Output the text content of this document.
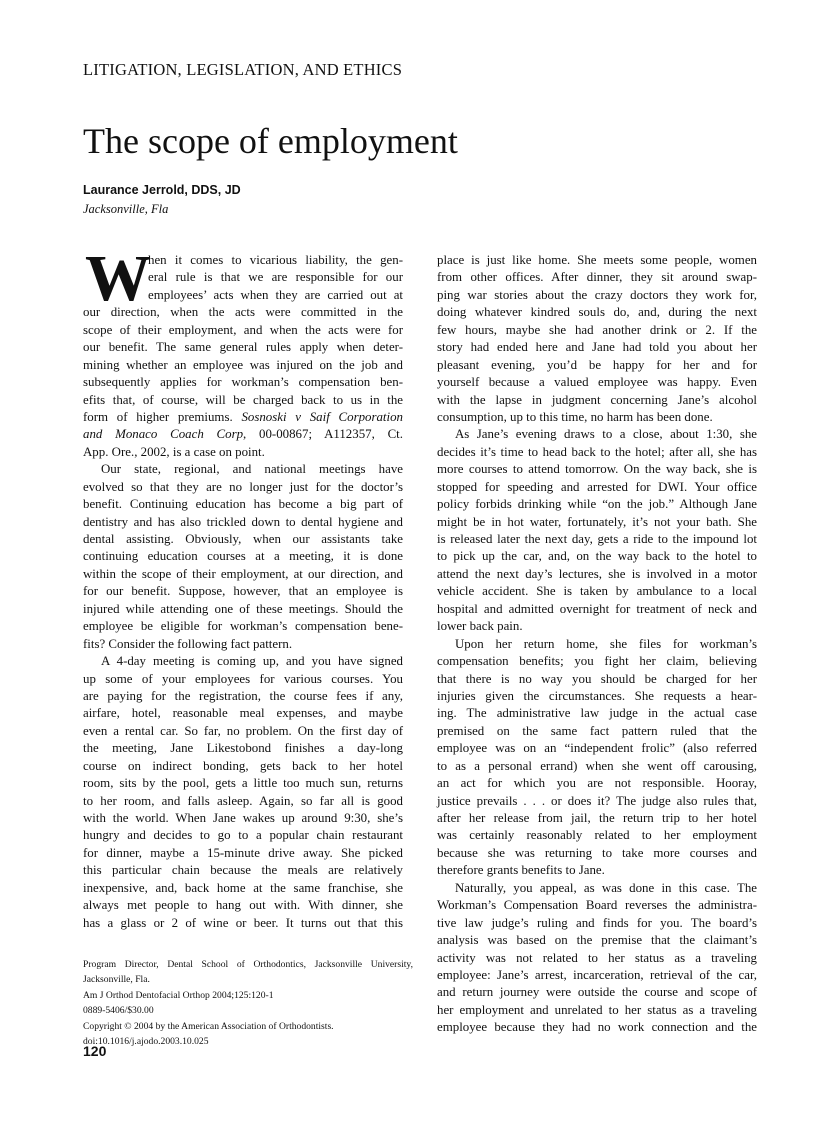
LITIGATION, LEGISLATION, AND ETHICS
The scope of employment
Laurance Jerrold, DDS, JD
Jacksonville, Fla
W
hen it comes to vicarious liability, the gen-
eral rule is that we are responsible for our
employees’ acts when they are carried out at
our direction, when the acts were committed in the
scope of their employment, and when the acts were for
our benefit. The same general rules apply when deter-
mining whether an employee was injured on the job and
subsequently applies for workman’s compensation ben-
efits that, of course, will be charged back to us in the
form of higher premiums. Sosnoski v Saif Corporation
and Monaco Coach Corp, 00-00867; A112357, Ct.
App. Ore., 2002, is a case on point.
Our state, regional, and national meetings have
evolved so that they are no longer just for the doctor’s
benefit. Continuing education has become a big part of
dentistry and has also trickled down to dental hygiene and
dental assisting. Obviously, when our assistants take
continuing education courses at a meeting, it is done
within the scope of their employment, at our direction, and
for our benefit. Suppose, however, that an employee is
injured while attending one of these meetings. Should the
employee be eligible for workman’s compensation bene-
fits? Consider the following fact pattern.
A 4-day meeting is coming up, and you have signed
up some of your employees for various courses. You
are paying for the registration, the course fees if any,
airfare, hotel, reasonable meal expenses, and maybe
even a rental car. So far, no problem. On the first day of
the meeting, Jane Likestobond finishes a day-long
course on indirect bonding, gets back to her hotel
room, sits by the pool, gets a little too much sun, returns
to her room, and falls asleep. Again, so far all is good
with the world. When Jane wakes up around 9:30, she’s
hungry and decides to go to a popular chain restaurant
for dinner, maybe a 15-minute drive away. She picked
this particular chain because the meals are relatively
inexpensive, and, back home at the same franchise, she
always met people to hang out with. With dinner, she
has a glass or 2 of wine or beer. It turns out that this
place is just like home. She meets some people, women
from other offices. After dinner, they sit around swap-
ping war stories about the crazy doctors they work for,
doing whatever kindred souls do, and, during the next
few hours, maybe she had another drink or 2. If the
story had ended here and Jane had told you about her
pleasant evening, you’d be happy for her and for
yourself because a valued employee was happy. Even
with the lapse in judgment concerning Jane’s alcohol
consumption, up to this time, no harm has been done.
As Jane’s evening draws to a close, about 1:30, she
decides it’s time to head back to the hotel; after all, she has
more courses to attend tomorrow. On the way back, she is
stopped for speeding and arrested for DWI. Your office
policy forbids drinking while “on the job.” Although Jane
might be in hot water, fortunately, it’s not your bath. She
is released later the next day, gets a ride to the impound lot
to pick up the car, and, on the way back to the hotel to
attend the next day’s lectures, she is involved in a motor
vehicle accident. She is taken by ambulance to a local
hospital and admitted overnight for treatment of neck and
lower back pain.
Upon her return home, she files for workman’s
compensation benefits; you fight her claim, believing
that there is no way you should be charged for her
injuries given the circumstances. She requests a hear-
ing. The administrative law judge in the actual case
premised on the same fact pattern ruled that the
employee was on an “independent frolic” (also referred
to as a personal errand) when she went off carousing,
an act for which you are not responsible. Hooray,
justice prevails . . . or does it? The judge also rules that,
after her release from jail, the return trip to her hotel
was certainly reasonably related to her employment
because she was returning to take more courses and
therefore grants benefits to Jane.
Naturally, you appeal, as was done in this case. The
Workman’s Compensation Board reverses the administra-
tive law judge’s ruling and finds for you. The board’s
analysis was based on the premise that the claimant’s
activity was not related to her status as a traveling
employee: Jane’s arrest, incarceration, retrieval of the car,
and return journey were outside the course and scope of
her employment and unrelated to her status as a traveling
employee because they had no work connection and the
Program Director, Dental School of Orthodontics, Jacksonville University,
Jacksonville, Fla.
Am J Orthod Dentofacial Orthop 2004;125:120-1
0889-5406/$30.00
Copyright © 2004 by the American Association of Orthodontists.
doi:10.1016/j.ajodo.2003.10.025
120
